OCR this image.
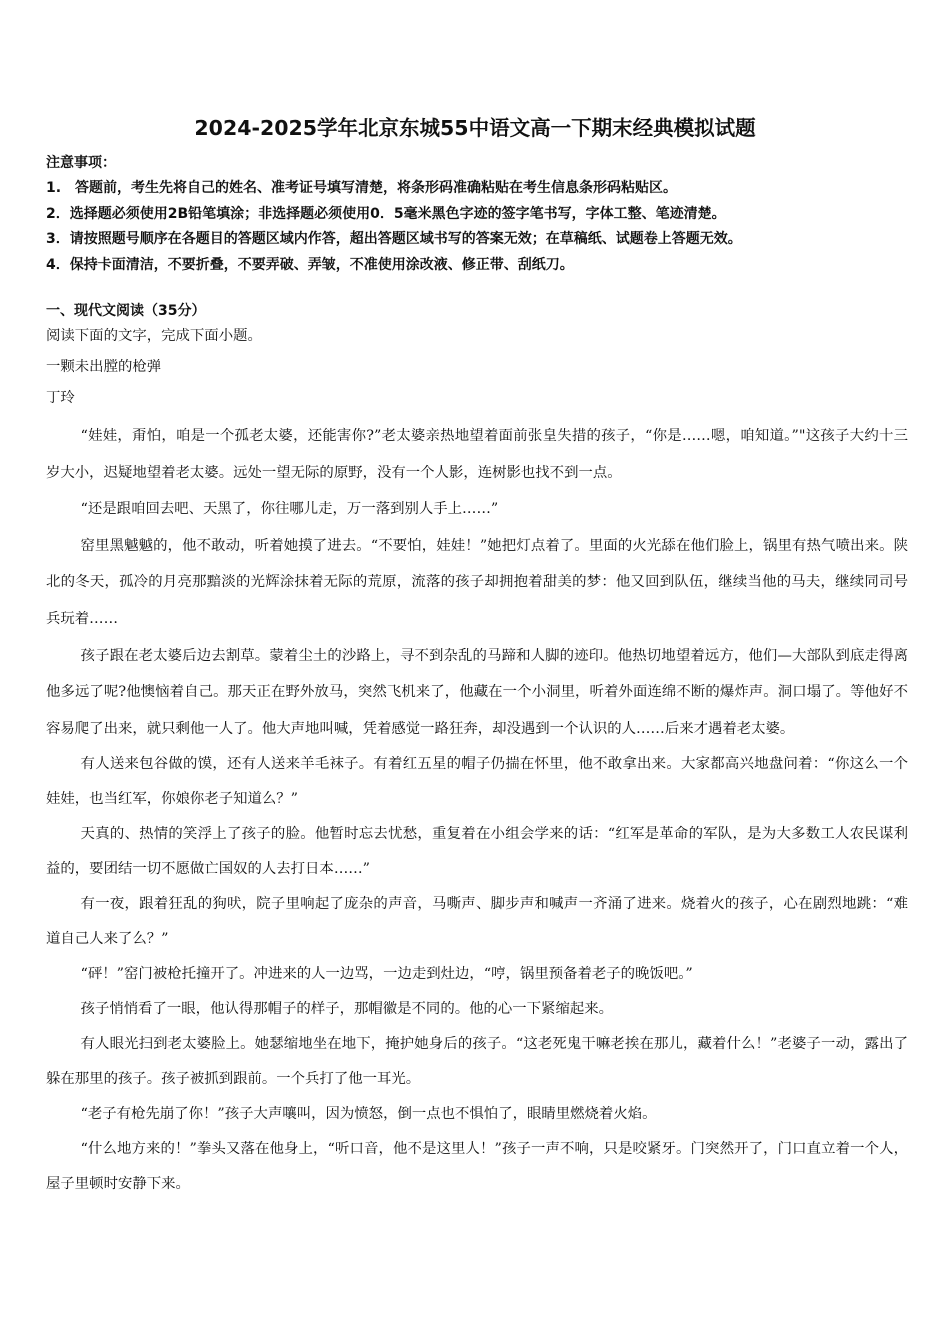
2024-2025学年北京东城55中语文高一下期末经典模拟试题
注意事项：
1.　答题前，考生先将自己的姓名、准考证号填写清楚，将条形码准确粘贴在考生信息条形码粘贴区。
2．选择题必须使用2B铅笔填涂；非选择题必须使用0．5毫米黑色字迹的签字笔书写，字体工整、笔迹清楚。
3．请按照题号顺序在各题目的答题区域内作答，超出答题区域书写的答案无效；在草稿纸、试题卷上答题无效。
4．保持卡面清洁，不要折叠，不要弄破、弄皱，不准使用涂改液、修正带、刮纸刀。
一、现代文阅读（35分）
阅读下面的文字，完成下面小题。
一颗未出膛的枪弹
丁玲

“娃娃，甭怕，咱是一个孤老太婆，还能害你?”老太婆亲热地望着面前张皇失措的孩子，“你是……嗯，咱知道。”"这孩子大约十三岁大小，迟疑地望着老太婆。远处一望无际的原野，没有一个人影，连树影也找不到一点。

“还是跟咱回去吧、天黑了，你往哪儿走，万一落到别人手上……”

窑里黑魆魆的，他不敢动，听着她摸了进去。“不要怕，娃娃！”她把灯点着了。里面的火光舔在他们脸上，锅里有热气喷出来。陕北的冬天，孤冷的月亮那黯淡的光辉涂抹着无际的荒原，流落的孩子却拥抱着甜美的梦：他又回到队伍，继续当他的马夫，继续同司号兵玩着……

孩子跟在老太婆后边去割草。蒙着尘土的沙路上，寻不到杂乱的马蹄和人脚的迹印。他热切地望着远方，他们—大部队到底走得离他多远了呢?他懊恼着自己。那天正在野外放马，突然飞机来了，他藏在一个小洞里，听着外面连绵不断的爆炸声。洞口塌了。等他好不容易爬了出来，就只剩他一人了。他大声地叫喊，凭着感觉一路狂奔，却没遇到一个认识的人……后来才遇着老太婆。

有人送来包谷做的馍，还有人送来羊毛袜子。有着红五星的帽子仍揣在怀里，他不敢拿出来。大家都高兴地盘问着：“你这么一个娃娃，也当红军，你娘你老子知道么？”

天真的、热情的笑浮上了孩子的脸。他暂时忘去忧愁，重复着在小组会学来的话：“红军是革命的军队，是为大多数工人农民谋利益的，要团结一切不愿做亡国奴的人去打日本……”

有一夜，跟着狂乱的狗吠，院子里响起了庞杂的声音，马嘶声、脚步声和喊声一齐涌了进来。烧着火的孩子，心在剧烈地跳：“难道自己人来了么？”

“砰！”窑门被枪托撞开了。冲进来的人一边骂，一边走到灶边，“哼，锅里预备着老子的晚饭吧。”

孩子悄悄看了一眼，他认得那帽子的样子，那帽徽是不同的。他的心一下紧缩起来。

有人眼光扫到老太婆脸上。她瑟缩地坐在地下，掩护她身后的孩子。“这老死鬼干嘛老挨在那儿，藏着什么！”老婆子一动，露出了躲在那里的孩子。孩子被抓到跟前。一个兵打了他一耳光。

“老子有枪先崩了你！”孩子大声嚷叫，因为愤怒，倒一点也不惧怕了，眼睛里燃烧着火焰。

“什么地方来的！”拳头又落在他身上，“听口音，他不是这里人！”孩子一声不响，只是咬紧牙。门突然开了，门口直立着一个人，屋子里顿时安静下来。
